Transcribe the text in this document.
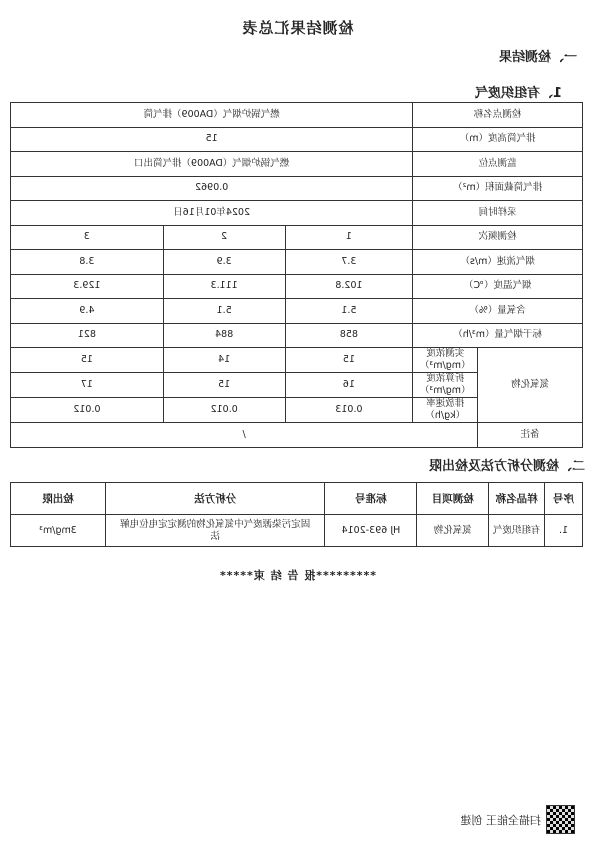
检测结果汇总表
一、检测结果
1、有组织废气
检测点名称		燃气锅炉烟气（DA009）排气筒		
排气筒高度（m）		15		
监测点位		燃气锅炉烟气（DA009）排气筒出口		
排气筒截面积（m²）		0.0962		
采样时间		2024年01月16日		
检测频次		1	2	3
烟气流速（m/s）		3.7	3.9	3.8
烟气温度（℃）		102.8	111.3	129.3
含氧量（%）		5.1	5.1	4.9
标干烟气量（m³/h）		858	884	821
氮氧化物	实测浓度（mg/m³）	15	14	15
	折算浓度（mg/m³）	16	15	17
	排放速率（kg/h）	0.013	0.012	0.012
备注	/			
二、检测分析方法及检出限
序号	样品名称	检测项目	标准号	分析方法	检出限
1.	有组织废气	氮氧化物	HJ 693-2014	固定污染源废气中氮氧化物的测定定电位电解法	3mg/m³
*********报 告 结 束*****
扫描全能王 创建
